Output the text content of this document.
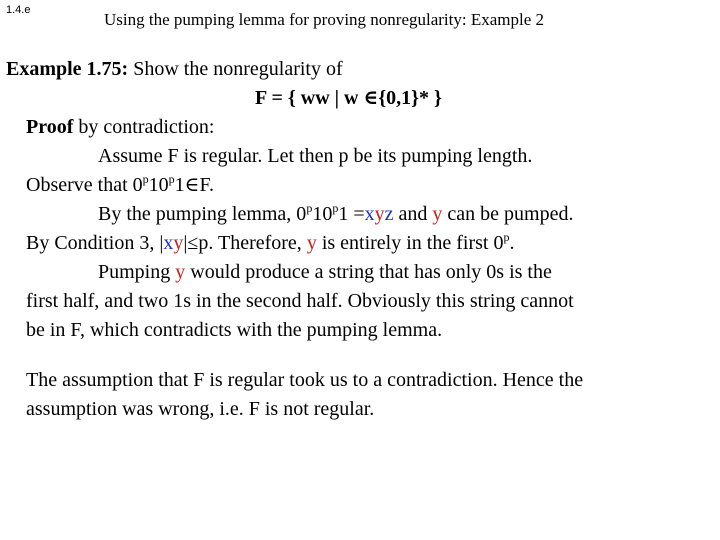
1.4.e	Using the pumping lemma for proving nonregularity: Example 2
Example 1.75: Show the nonregularity of
F = { ww | w ∈{0,1}* }
Proof by contradiction:
Assume F is regular. Let then p be its pumping length.
Observe that 0$^p$10$^p$1∈F.
By the pumping lemma, $0^p10^p1 =xyz$ and y can be pumped.
By Condition 3, |xy|≤p. Therefore, y is entirely in the first 0$^p$.
Pumping y would produce a string that has only 0s is the
first half, and two 1s in the second half. Obviously this string cannot
be in F, which contradicts with the pumping lemma.
The assumption that F is regular took us to a contradiction. Hence the
assumption was wrong, i.e. F is not regular.
